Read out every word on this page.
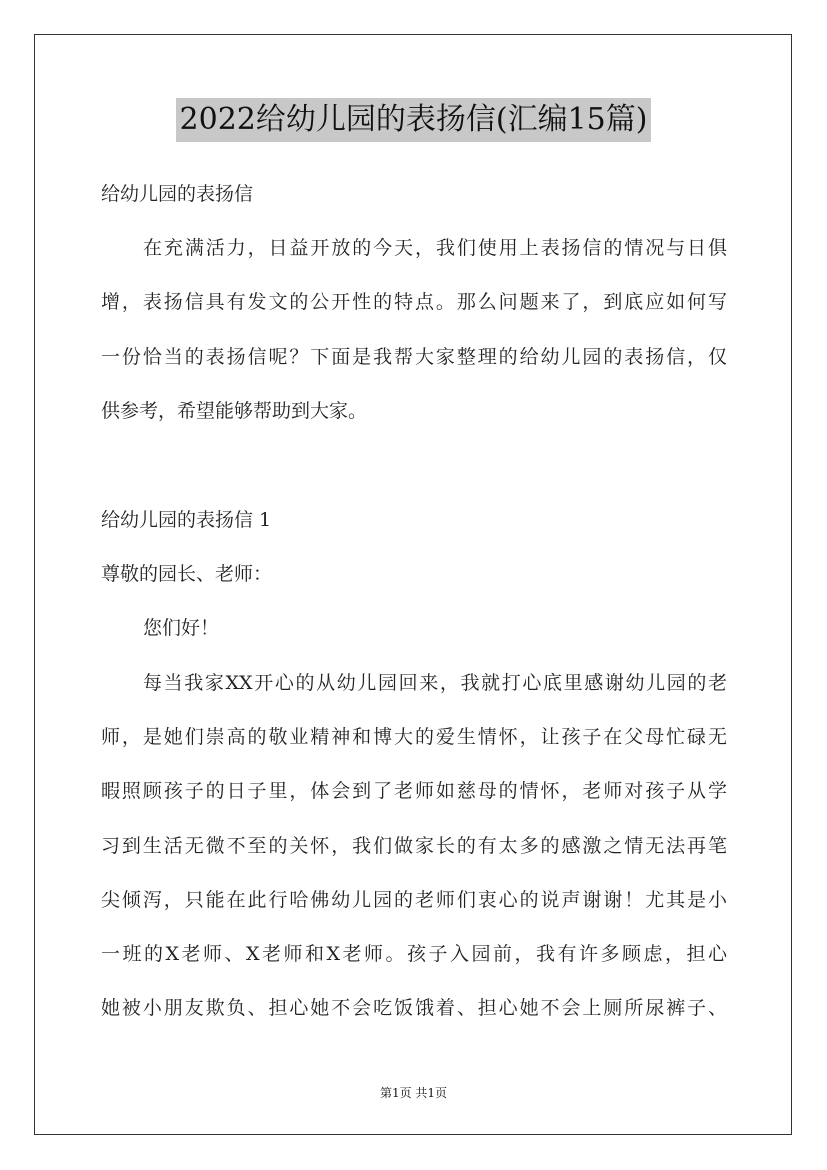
2022给幼儿园的表扬信(汇编15篇)
给幼儿园的表扬信
在充满活力，日益开放的今天，我们使用上表扬信的情况与日俱
增，表扬信具有发文的公开性的特点。那么问题来了，到底应如何写
一份恰当的表扬信呢？下面是我帮大家整理的给幼儿园的表扬信，仅
供参考，希望能够帮助到大家。
给幼儿园的表扬信 1
尊敬的园长、老师：
您们好！
每当我家XX开心的从幼儿园回来，我就打心底里感谢幼儿园的老
师，是她们崇高的敬业精神和博大的爱生情怀，让孩子在父母忙碌无
暇照顾孩子的日子里，体会到了老师如慈母的情怀，老师对孩子从学
习到生活无微不至的关怀，我们做家长的有太多的感激之情无法再笔
尖倾泻，只能在此行哈佛幼儿园的老师们衷心的说声谢谢！尤其是小
一班的X老师、X老师和X老师。孩子入园前，我有许多顾虑，担心
她被小朋友欺负、担心她不会吃饭饿着、担心她不会上厕所尿裤子、
第1页 共1页
